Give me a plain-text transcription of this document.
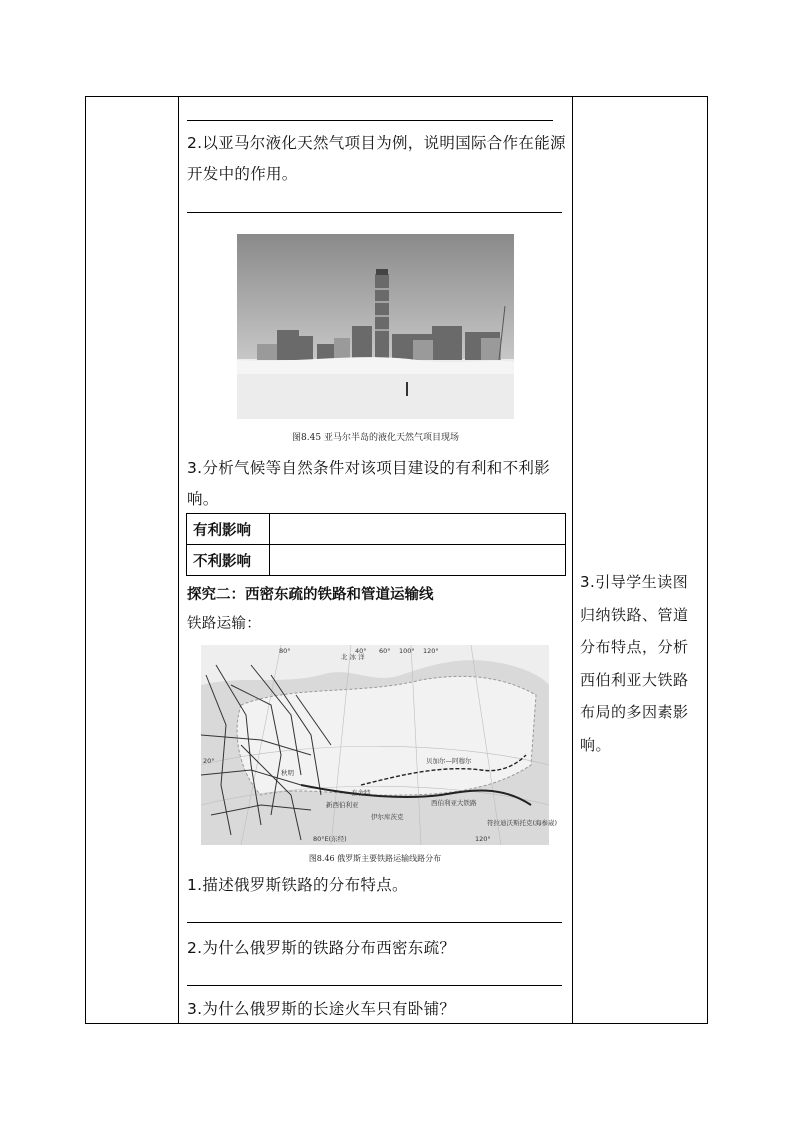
2.以亚马尔液化天然气项目为例，说明国际合作在能源开发中的作用。
图8.45 亚马尔半岛的液化天然气项目现场
3.分析气候等自然条件对该项目建设的有利和不利影响。
有利影响	
不利影响	
探究二：西密东疏的铁路和管道运输线
铁路运输：
北 冰 洋
40° 60°
80°	100° 120°
120°
80°E(东经)
20°
泰舍特
伊尔库茨克
新西伯利亚
贝加尔—阿穆尔
西伯利亚大铁路
符拉迪沃斯托克(海参崴)
秋明
图8.46 俄罗斯主要铁路运输线路分布
1.描述俄罗斯铁路的分布特点。
2.为什么俄罗斯的铁路分布西密东疏？
3.为什么俄罗斯的长途火车只有卧铺？
3.引导学生读图归纳铁路、管道分布特点，分析西伯利亚大铁路布局的多因素影响。
